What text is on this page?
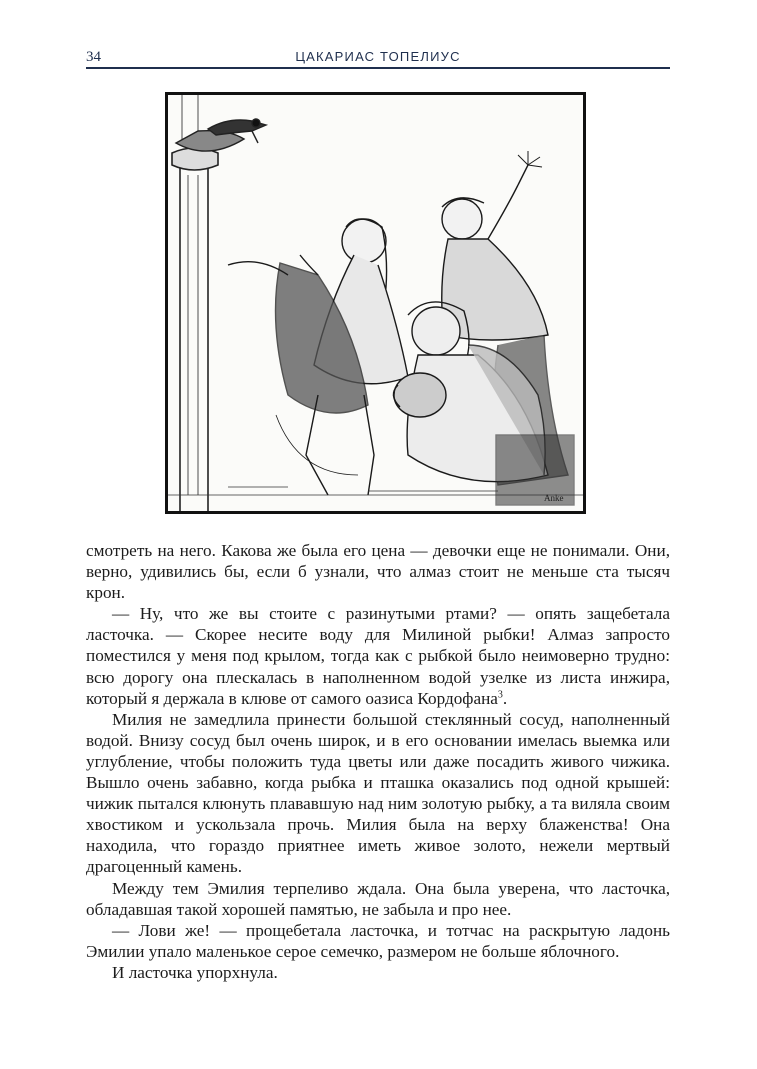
34	ЦАКАРИАС ТОПЕЛИУС
Anke

смотреть на него. Какова же была его цена — девочки еще не понимали. Они, верно, удивились бы, если б узнали, что алмаз стоит не меньше ста тысяч крон.

— Ну, что же вы стоите с разинутыми ртами? — опять защебетала ласточка. — Скорее несите воду для Милиной рыбки! Алмаз запросто поместился у меня под крылом, тогда как с рыбкой было неимоверно трудно: всю дорогу она плескалась в наполненном водой узелке из листа инжира, который я держала в клюве от самого оазиса Кордофана$^3$.

Милия не замедлила принести большой стеклянный сосуд, наполненный водой. Внизу сосуд был очень широк, и в его основании имелась выемка или углубление, чтобы положить туда цветы или даже посадить живого чижика. Вышло очень забавно, когда рыбка и пташка оказались под одной крышей: чижик пытался клюнуть плававшую над ним золотую рыбку, а та виляла своим хвостиком и ускользала прочь. Милия была на верху блаженства! Она находила, что гораздо приятнее иметь живое золото, нежели мертвый драгоценный камень.

Между тем Эмилия терпеливо ждала. Она была уверена, что ласточка, обладавшая такой хорошей памятью, не забыла и про нее.

— Лови же! — прощебетала ласточка, и тотчас на раскрытую ладонь Эмилии упало маленькое серое семечко, размером не больше яблочного.

И ласточка упорхнула.
